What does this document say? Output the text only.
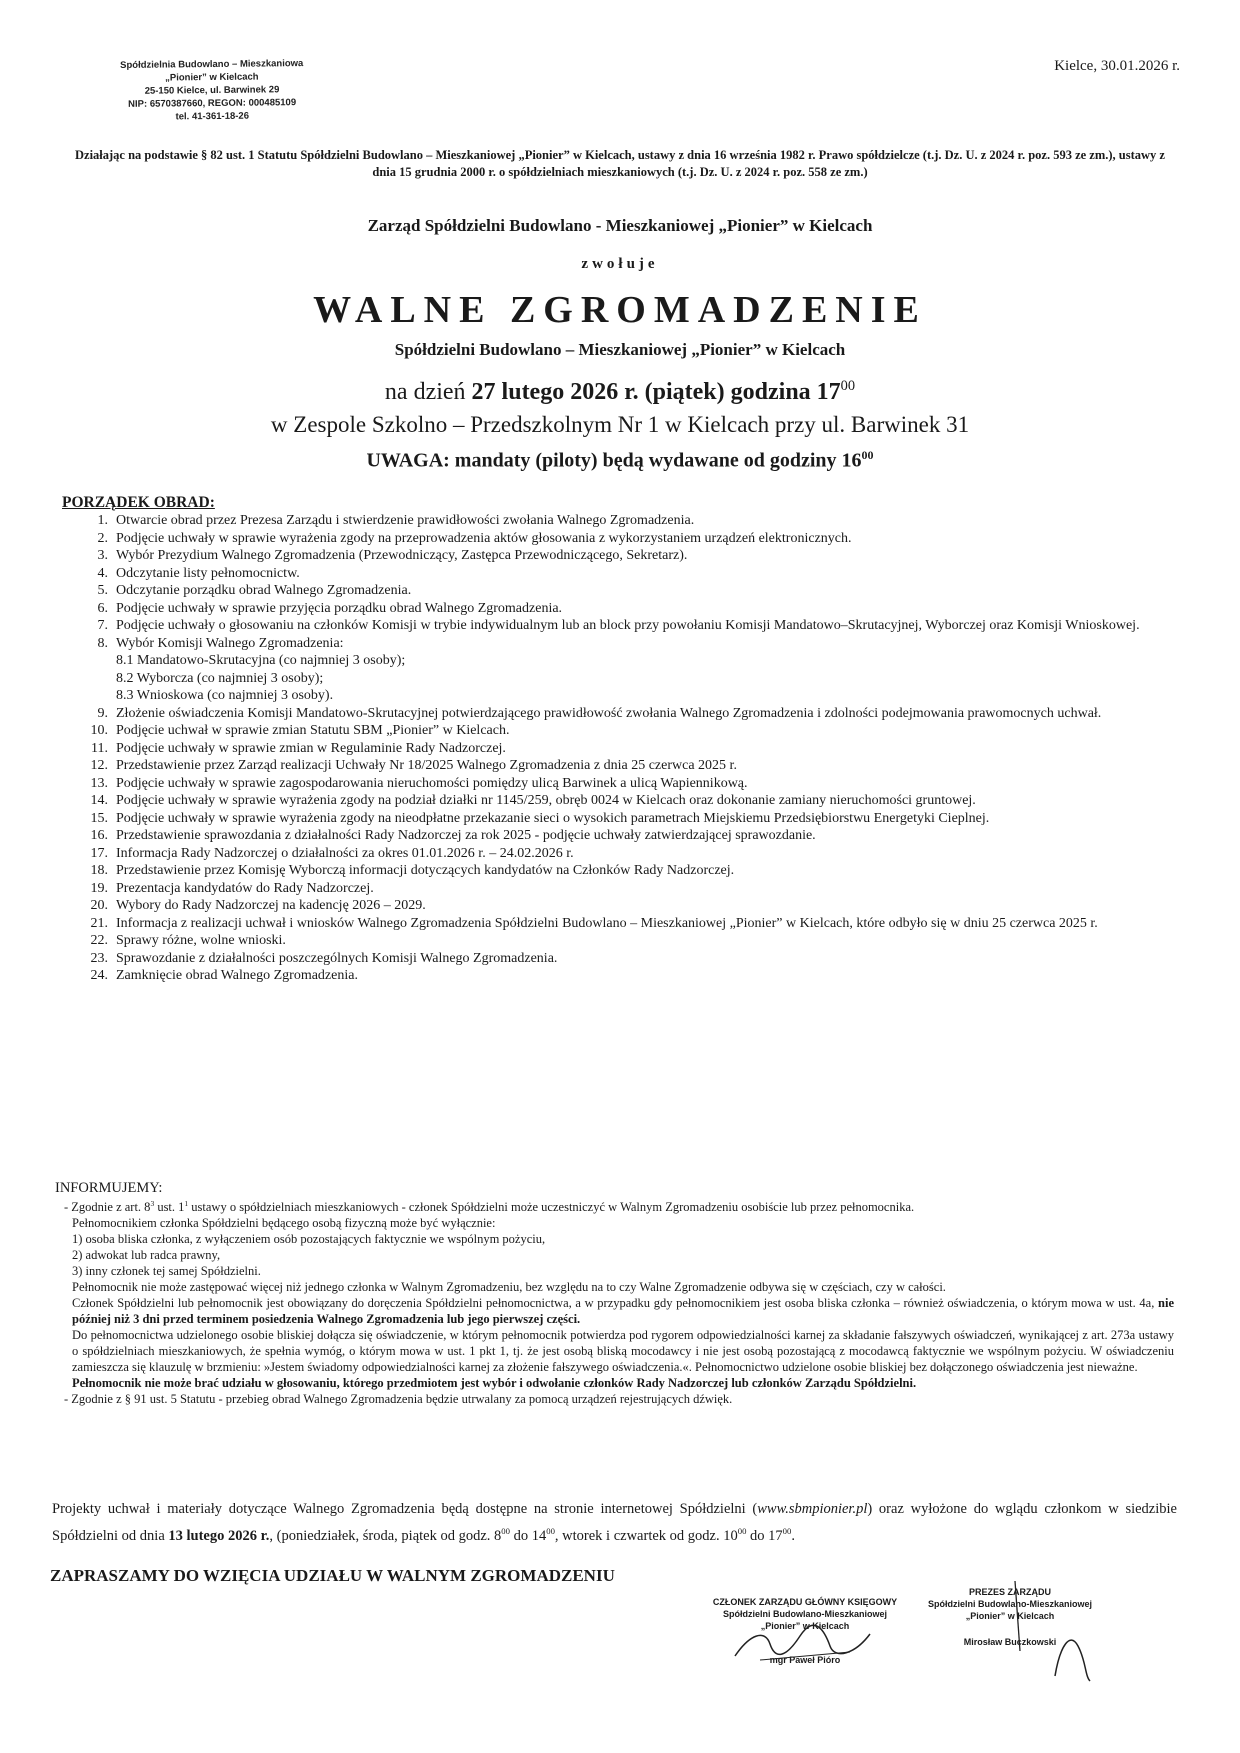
Spółdzielnia Budowlano – Mieszkaniowa
„Pionier” w Kielcach
25-150 Kielce, ul. Barwinek 29
NIP: 6570387660, REGON: 000485109
tel. 41-361-18-26
Kielce, 30.01.2026 r.
Działając na podstawie § 82 ust. 1 Statutu Spółdzielni Budowlano – Mieszkaniowej „Pionier” w Kielcach, ustawy z dnia 16 września 1982 r. Prawo spółdzielcze (t.j. Dz. U. z 2024 r. poz. 593 ze zm.), ustawy z dnia 15 grudnia 2000 r. o spółdzielniach mieszkaniowych (t.j. Dz. U. z 2024 r. poz. 558 ze zm.)
Zarząd Spółdzielni Budowlano - Mieszkaniowej „Pionier” w Kielcach
zwołuje
WALNE ZGROMADZENIE
Spółdzielni Budowlano – Mieszkaniowej „Pionier” w Kielcach
na dzień 27 lutego 2026 r. (piątek) godzina $17^{00}$
w Zespole Szkolno – Przedszkolnym Nr 1 w Kielcach przy ul. Barwinek 31
UWAGA: mandaty (piloty) będą wydawane od godziny $16^{00}$
PORZĄDEK OBRAD:
1. Otwarcie obrad przez Prezesa Zarządu i stwierdzenie prawidłowości zwołania Walnego Zgromadzenia.
2. Podjęcie uchwały w sprawie wyrażenia zgody na przeprowadzenia aktów głosowania z wykorzystaniem urządzeń elektronicznych.
3. Wybór Prezydium Walnego Zgromadzenia (Przewodniczący, Zastępca Przewodniczącego, Sekretarz).
4. Odczytanie listy pełnomocnictw.
5. Odczytanie porządku obrad Walnego Zgromadzenia.
6. Podjęcie uchwały w sprawie przyjęcia porządku obrad Walnego Zgromadzenia.
7. Podjęcie uchwały o głosowaniu na członków Komisji w trybie indywidualnym lub an block przy powołaniu Komisji Mandatowo–Skrutacyjnej, Wyborczej oraz Komisji Wnioskowej.
8. Wybór Komisji Walnego Zgromadzenia:
8.1 Mandatowo-Skrutacyjna (co najmniej 3 osoby);
8.2 Wyborcza (co najmniej 3 osoby);
8.3 Wnioskowa (co najmniej 3 osoby).
9. Złożenie oświadczenia Komisji Mandatowo-Skrutacyjnej potwierdzającego prawidłowość zwołania Walnego Zgromadzenia i zdolności podejmowania prawomocnych uchwał.
10. Podjęcie uchwał w sprawie zmian Statutu SBM „Pionier” w Kielcach.
11. Podjęcie uchwały w sprawie zmian w Regulaminie Rady Nadzorczej.
12. Przedstawienie przez Zarząd realizacji Uchwały Nr 18/2025 Walnego Zgromadzenia z dnia 25 czerwca 2025 r.
13. Podjęcie uchwały w sprawie zagospodarowania nieruchomości pomiędzy ulicą Barwinek a ulicą Wapiennikową.
14. Podjęcie uchwały w sprawie wyrażenia zgody na podział działki nr 1145/259, obręb 0024 w Kielcach oraz dokonanie zamiany nieruchomości gruntowej.
15. Podjęcie uchwały w sprawie wyrażenia zgody na nieodpłatne przekazanie sieci o wysokich parametrach Miejskiemu Przedsiębiorstwu Energetyki Cieplnej.
16. Przedstawienie sprawozdania z działalności Rady Nadzorczej za rok 2025 - podjęcie uchwały zatwierdzającej sprawozdanie.
17. Informacja Rady Nadzorczej o działalności za okres 01.01.2026 r. – 24.02.2026 r.
18. Przedstawienie przez Komisję Wyborczą informacji dotyczących kandydatów na Członków Rady Nadzorczej.
19. Prezentacja kandydatów do Rady Nadzorczej.
20. Wybory do Rady Nadzorczej na kadencję 2026 – 2029.
21. Informacja z realizacji uchwał i wniosków Walnego Zgromadzenia Spółdzielni Budowlano – Mieszkaniowej „Pionier” w Kielcach, które odbyło się w dniu 25 czerwca 2025 r.
22. Sprawy różne, wolne wnioski.
23. Sprawozdanie z działalności poszczególnych Komisji Walnego Zgromadzenia.
24. Zamknięcie obrad Walnego Zgromadzenia.
INFORMUJEMY:

- Zgodnie z art. $8^3$ ust. $1^1$ ustawy o spółdzielniach mieszkaniowych - członek Spółdzielni może uczestniczyć w Walnym Zgromadzeniu osobiście lub przez pełnomocnika.

Pełnomocnikiem członka Spółdzielni będącego osobą fizyczną może być wyłącznie:

1) osoba bliska członka, z wyłączeniem osób pozostających faktycznie we wspólnym pożyciu,

2) adwokat lub radca prawny,

3) inny członek tej samej Spółdzielni.

Pełnomocnik nie może zastępować więcej niż jednego członka w Walnym Zgromadzeniu, bez względu na to czy Walne Zgromadzenie odbywa się w częściach, czy w całości.

Członek Spółdzielni lub pełnomocnik jest obowiązany do doręczenia Spółdzielni pełnomocnictwa, a w przypadku gdy pełnomocnikiem jest osoba bliska członka – również oświadczenia, o którym mowa w ust. 4a, nie później niż 3 dni przed terminem posiedzenia Walnego Zgromadzenia lub jego pierwszej części.

Do pełnomocnictwa udzielonego osobie bliskiej dołącza się oświadczenie, w którym pełnomocnik potwierdza pod rygorem odpowiedzialności karnej za składanie fałszywych oświadczeń, wynikającej z art. 273a ustawy o spółdzielniach mieszkaniowych, że spełnia wymóg, o którym mowa w ust. 1 pkt 1, tj. że jest osobą bliską mocodawcy i nie jest osobą pozostającą z mocodawcą faktycznie we wspólnym pożyciu. W oświadczeniu zamieszcza się klauzulę w brzmieniu: »Jestem świadomy odpowiedzialności karnej za złożenie fałszywego oświadczenia.«. Pełnomocnictwo udzielone osobie bliskiej bez dołączonego oświadczenia jest nieważne.

Pełnomocnik nie może brać udziału w głosowaniu, którego przedmiotem jest wybór i odwołanie członków Rady Nadzorczej lub członków Zarządu Spółdzielni.

- Zgodnie z § 91 ust. 5 Statutu - przebieg obrad Walnego Zgromadzenia będzie utrwalany za pomocą urządzeń rejestrujących dźwięk.

Projekty uchwał i materiały dotyczące Walnego Zgromadzenia będą dostępne na stronie internetowej Spółdzielni (www.sbmpionier.pl) oraz wyłożone do wglądu członkom w siedzibie Spółdzielni od dnia 13 lutego 2026 r., (poniedziałek, środa, piątek od godz. $8^{00}$ do $14^{00}$, wtorek i czwartek od godz. $10^{00}$ do $17^{00}$.
ZAPRASZAMY DO WZIĘCIA UDZIAŁU W WALNYM ZGROMADZENIU
CZŁONEK ZARZĄDU GŁÓWNY KSIĘGOWY
Spółdzielni Budowlano-Mieszkaniowej
„Pionier” w Kielcach
mgr Paweł Pióro
PREZES ZARZĄDU
Spółdzielni Budowlano-Mieszkaniowej
„Pionier” w Kielcach
Mirosław Buczkowski
